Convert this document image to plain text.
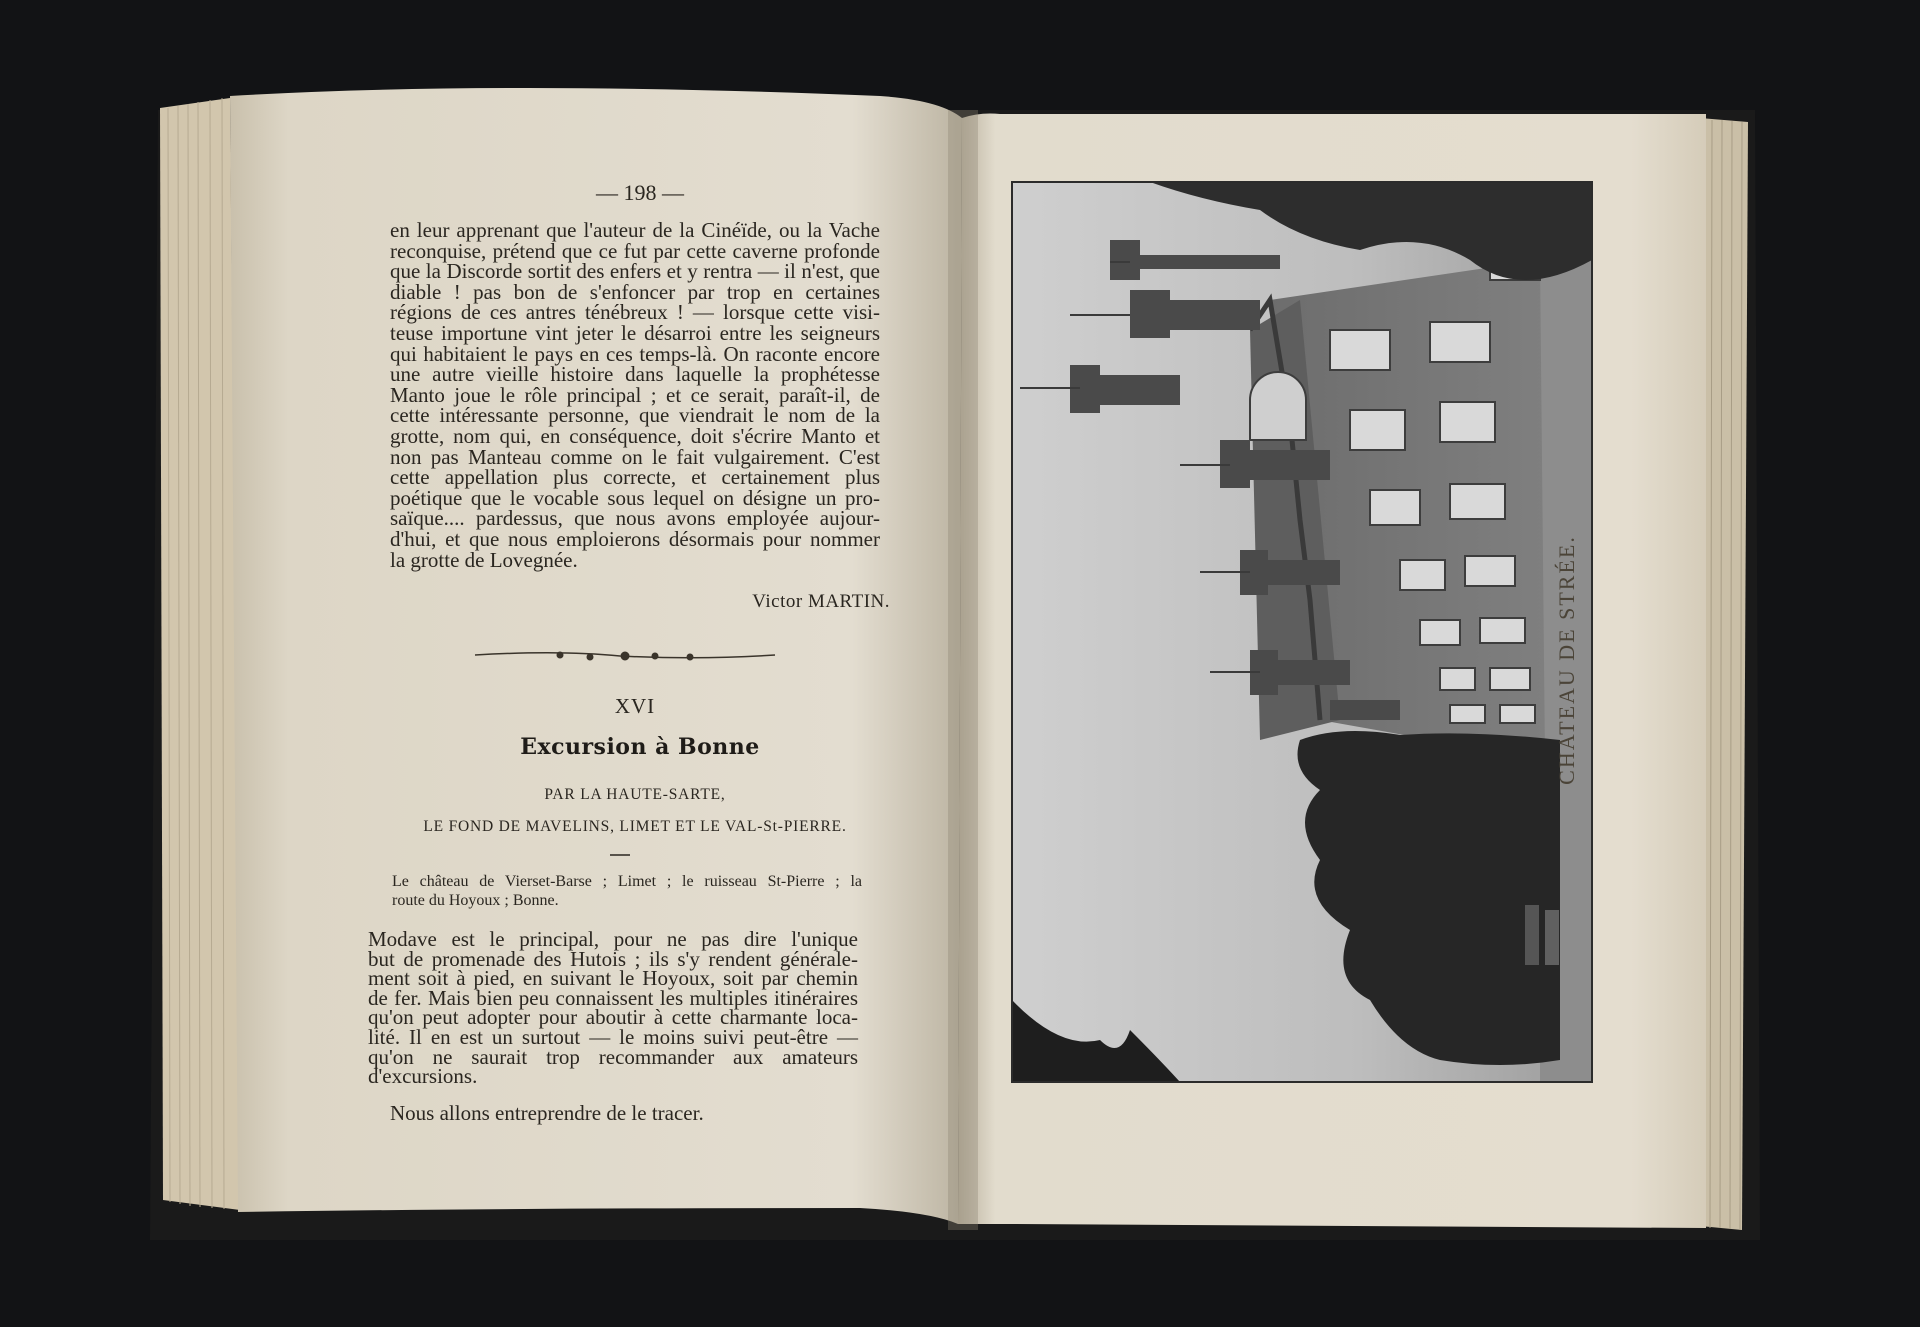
— 198 —

en leur apprenant que l'auteur de la Cinéïde, ou la Vache

reconquise, prétend que ce fut par cette caverne profonde

que la Discorde sortit des enfers et y rentra — il n'est, que

diable ! pas bon de s'enfoncer par trop en certaines

régions de ces antres ténébreux ! — lorsque cette visi-

teuse importune vint jeter le désarroi entre les seigneurs

qui habitaient le pays en ces temps-là. On raconte encore

une autre vieille histoire dans laquelle la prophétesse

Manto joue le rôle principal ; et ce serait, paraît-il, de

cette intéressante personne, que viendrait le nom de la

grotte, nom qui, en conséquence, doit s'écrire Manto et

non pas Manteau comme on le fait vulgairement. C'est

cette appellation plus correcte, et certainement plus

poétique que le vocable sous lequel on désigne un pro-

saïque.... pardessus, que nous avons employée aujour-

d'hui, et que nous emploierons désormais pour nommer

la grotte de Lovegnée.

Victor MARTIN.
XVI
Excursion à Bonne
PAR LA HAUTE-SARTE,
LE FOND DE MAVELINS, LIMET ET LE VAL-St-PIERRE.

Le château de Vierset-Barse ; Limet ; le ruisseau St-Pierre ; la

route du Hoyoux ; Bonne.

Modave est le principal, pour ne pas dire l'unique

but de promenade des Hutois ; ils s'y rendent générale-

ment soit à pied, en suivant le Hoyoux, soit par chemin

de fer. Mais bien peu connaissent les multiples itinéraires

qu'on peut adopter pour aboutir à cette charmante loca-

lité. Il en est un surtout — le moins suivi peut-être —

qu'on ne saurait trop recommander aux amateurs

d'excursions.

Nous allons entreprendre de le tracer.
CHATEAU DE STRÉE.
